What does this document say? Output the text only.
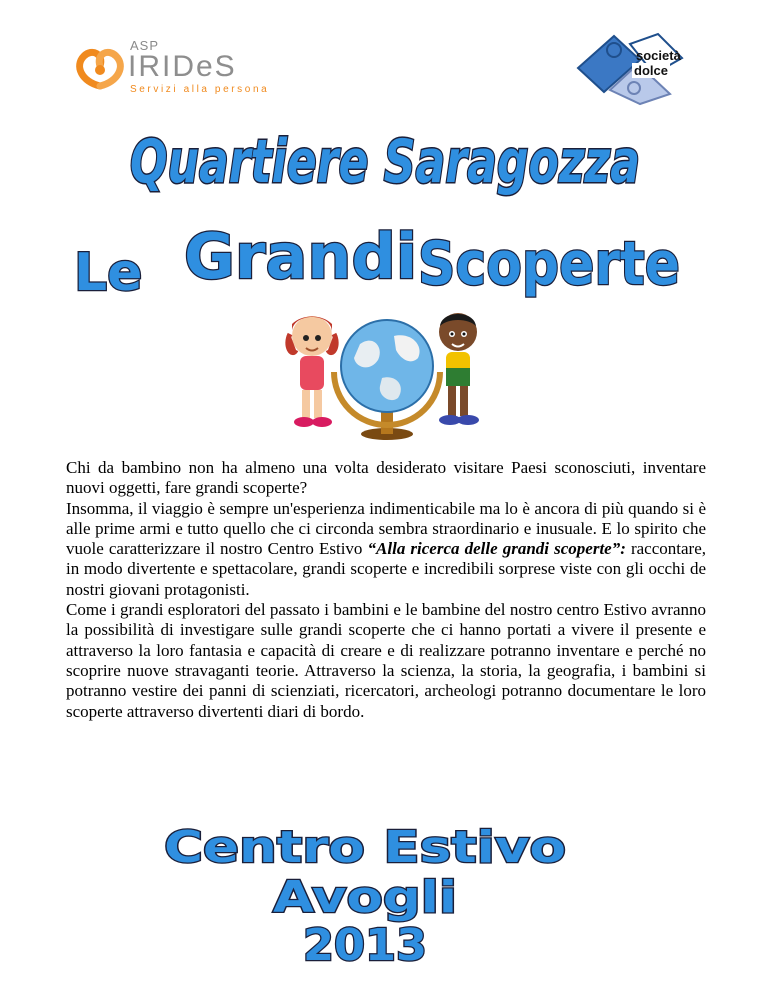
ASP
IRIDeS
Servizi alla persona
società
dolce
Quartiere Saragozza
Le Grandi Scoperte

Chi da bambino non ha almeno una volta desiderato visitare Paesi sconosciuti, inventare nuovi oggetti, fare grandi scoperte?

Insomma, il viaggio è sempre un'esperienza indimenticabile ma lo è ancora di più quando si è alle prime armi e tutto quello che ci circonda sembra straordinario e inusuale. E lo spirito che vuole caratterizzare il nostro Centro Estivo “Alla ricerca delle grandi scoperte”: raccontare, in modo divertente e spettacolare, grandi scoperte e incredibili sorprese viste con gli occhi de nostri giovani protagonisti.

Come i grandi esploratori del passato i bambini e le bambine del nostro centro Estivo avranno la possibilità di investigare sulle grandi scoperte che ci hanno portati a vivere il presente e attraverso la loro fantasia e capacità di creare e di realizzare potranno inventare e perché no scoprire nuove stravaganti teorie. Attraverso la scienza, la storia, la geografia, i bambini si potranno vestire dei panni di scienziati, ricercatori, archeologi potranno documentare le loro scoperte attraverso divertenti diari di bordo.

Centro Estivo
Avogli
2013
